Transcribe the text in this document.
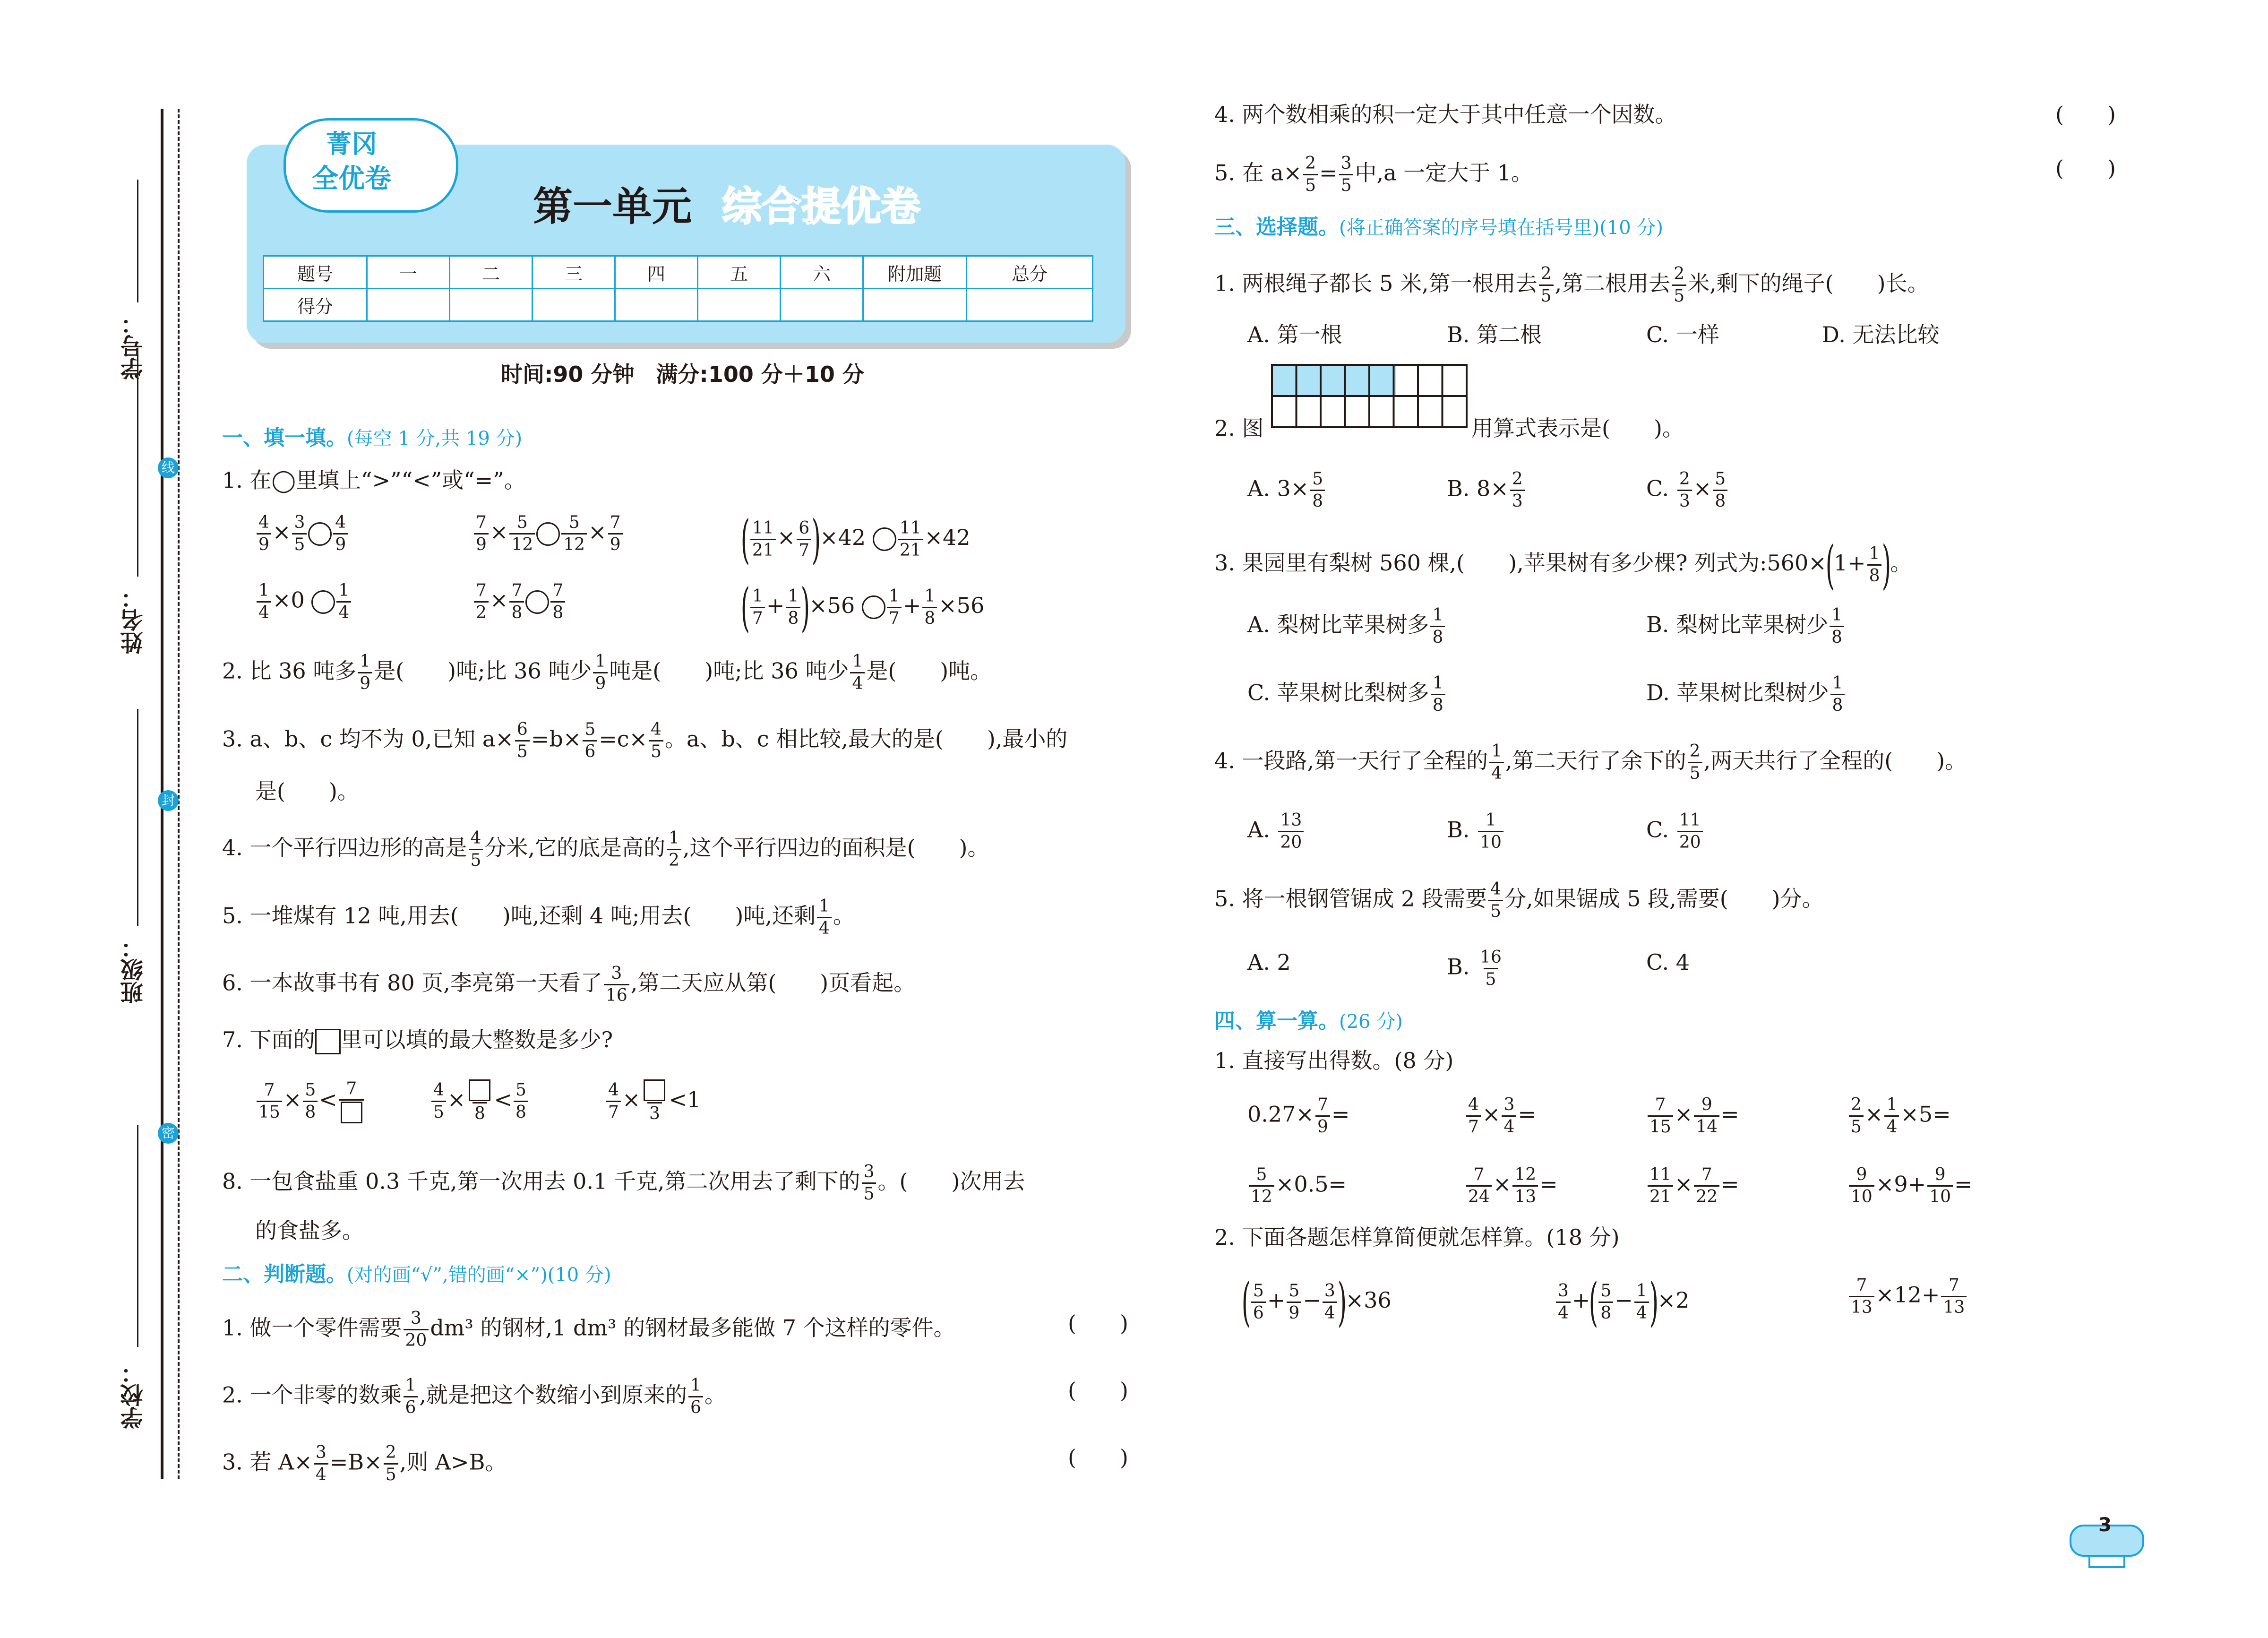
学校：
班级：
姓名：
学号：
线
封
密
菁冈
全优卷
第一单元 综合提优卷
题号	一	二	三	四	五	六	附加题	总分
得分								
时间:90 分钟　满分:100 分＋10 分
一、填一填。(每空 1 分,共 19 分)
1. 在◯里填上“>”“<”或“=”。
$\frac{4}{9} \times \frac{3}{5} \frac{4}{9}$	$\frac{7}{9} \times \frac{5}{12} \frac{5}{12} \times \frac{7}{9}$ ( $\frac{11}{21} \times \frac{6}{7} )\times 42 \frac{11}{21} \times 42$
$\frac{1}{4} \times 0 \frac{1}{4}$	$\frac{7}{2} \times \frac{7}{8} \frac{7}{8}$	( $\frac{1}{7} + \frac{1}{8} )\times 56 \frac{1}{7} + \frac{1}{8} \times 56$
2. 比 36 吨多 $\frac{1}{9}$ 是(　　)吨;比 36 吨少 $\frac{1}{9}$ 吨是(　　)吨;比 36 吨少 $\frac{1}{4}$ 是(　　)吨。
3. a、b、c 均不为 0,已知 $a\times \frac{6}{5} =b\times \frac{5}{6} =c\times \frac{4}{5}$ 。a、b、c 相比较,最大的是(　　),最小的
是(　　)。
4. 一个平行四边形的高是 $\frac{4}{5}$ 分米,它的底是高的 $\frac{1}{2}$ ,这个平行四边的面积是(　　)。
5. 一堆煤有 12 吨,用去(　　)吨,还剩 4 吨;用去(　　)吨,还剩 $\frac{1}{4}$ 。
6. 一本故事书有 80 页,李亮第一天看了 $\frac{3}{16}$ ,第二天应从第(　　)页看起。
7. 下面的 里可以填的最大整数是多少?
$\frac{7}{15} \times \frac{5}{8} < 7$	$\frac{4}{5}$ ×
8
< $\frac{5}{8}$	$\frac{4}{7}$ ×
3
<1
8. 一包食盐重 0.3 千克,第一次用去 0.1 千克,第二次用去了剩下的 $\frac{3}{5}$ 。(　　)次用去
的食盐多。
二、判断题。(对的画“√”,错的画“×”)(10 分)
1. 做一个零件需要 $\frac{3}{20} dm^3$ 的钢材,1 dm³ 的钢材最多能做 7 个这样的零件。	(　　)
2. 一个非零的数乘 $\frac{1}{6}$ ,就是把这个数缩小到原来的 $\frac{1}{6}$ 。	(　　)
3. 若 $A\times \frac{3}{4} =B\times \frac{2}{5}$ ,则 A>B。	(　　)
4. 两个数相乘的积一定大于其中任意一个因数。	(　　)
5. 在 $a\times \frac{2}{5} = \frac{3}{5}$ 中,a 一定大于 1。	(　　)
三、选择题。(将正确答案的序号填在括号里)(10 分)
1. 两根绳子都长 5 米,第一根用去 $\frac{2}{5}$ ,第二根用去 $\frac{2}{5}$ 米,剩下的绳子(　　)长。
A. 第一根	B. 第二根	C. 一样	D. 无法比较
2. 图	用算式表示是(　　)。
A. $3\times \frac{5}{8}$	B. $8\times \frac{2}{3}$	C. $\frac{2}{3} \times \frac{5}{8}$
3. 果园里有梨树 560 棵,(　　),苹果树有多少棵? 列式为:560×(1+ $\frac{1}{8}$ )。
A. 梨树比苹果树多 $\frac{1}{8}$	B. 梨树比苹果树少 $\frac{1}{8}$
C. 苹果树比梨树多 $\frac{1}{8}$	D. 苹果树比梨树少 $\frac{1}{8}$
4. 一段路,第一天行了全程的 $\frac{1}{4}$ ,第二天行了余下的 $\frac{2}{5}$ ,两天共行了全程的(　　)。
A. $\frac{13}{20}$	B. $\frac{1}{10}$	C. $\frac{11}{20}$
5. 将一根钢管锯成 2 段需要 $\frac{4}{5}$ 分,如果锯成 5 段,需要(　　)分。
A. 2	B. $\frac{16}{5}$	C. 4
四、算一算。(26 分)
1. 直接写出得数。(8 分)
$0.27\times \frac{7}{9}$ =	$\frac{4}{7} \times \frac{3}{4}$ =	$\frac{7}{15} \times \frac{9}{14}$ =	$\frac{2}{5} \times \frac{1}{4} \times 5=$
$\frac{5}{12} \times 0.5=$	$\frac{7}{24} \times \frac{12}{13}$ =	$\frac{11}{21} \times \frac{7}{22}$ =	$\frac{9}{10} \times 9+ \frac{9}{10}$ =
2. 下面各题怎样算简便就怎样算。(18 分)
( $\frac{5}{6} + \frac{5}{9} - \frac{3}{4} )\times 36$	$\frac{3}{4}$ +( $\frac{5}{8} - \frac{1}{4} )\times 2$	$\frac{7}{13} \times 12+ \frac{7}{13}$
3
